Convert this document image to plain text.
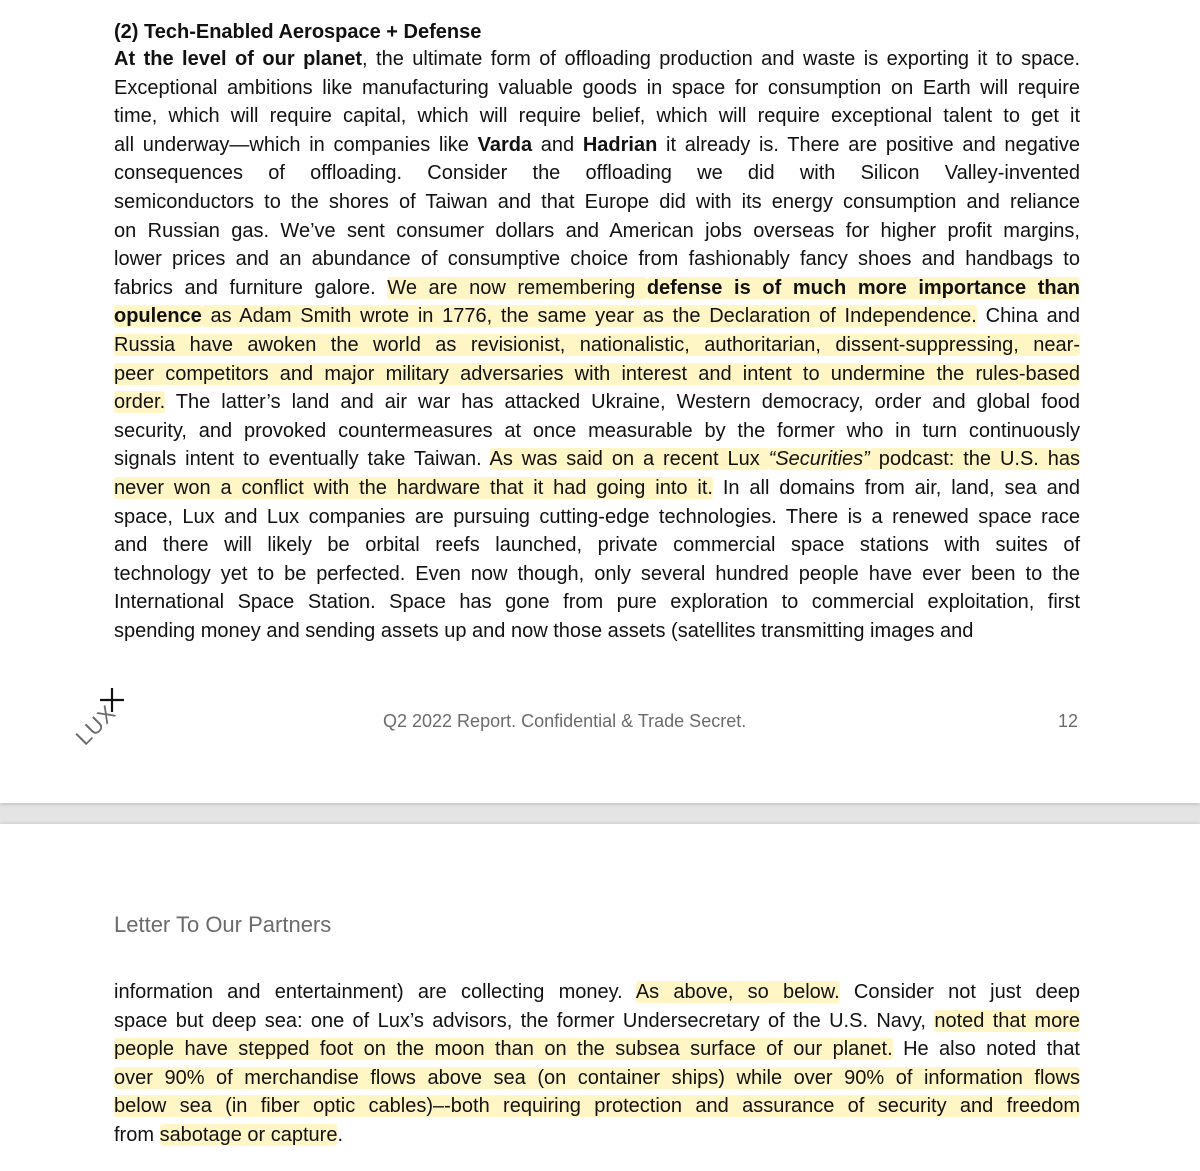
(2) Tech-Enabled Aerospace + Defense
At the level of our planet, the ultimate form of offloading production and waste is exporting it to space.
Exceptional ambitions like manufacturing valuable goods in space for consumption on Earth will require
time, which will require capital, which will require belief, which will require exceptional talent to get it
all underway—which in companies like Varda and Hadrian it already is. There are positive and negative
consequences of offloading. Consider the offloading we did with Silicon Valley-invented
semiconductors to the shores of Taiwan and that Europe did with its energy consumption and reliance
on Russian gas. We’ve sent consumer dollars and American jobs overseas for higher profit margins,
lower prices and an abundance of consumptive choice from fashionably fancy shoes and handbags to
fabrics and furniture galore. We are now remembering defense is of much more importance than
opulence as Adam Smith wrote in 1776, the same year as the Declaration of Independence. China and
Russia have awoken the world as revisionist, nationalistic, authoritarian, dissent-suppressing, near-
peer competitors and major military adversaries with interest and intent to undermine the rules-based
order. The latter’s land and air war has attacked Ukraine, Western democracy, order and global food
security, and provoked countermeasures at once measurable by the former who in turn continuously
signals intent to eventually take Taiwan. As was said on a recent Lux “Securities” podcast: the U.S. has
never won a conflict with the hardware that it had going into it. In all domains from air, land, sea and
space, Lux and Lux companies are pursuing cutting-edge technologies. There is a renewed space race
and there will likely be orbital reefs launched, private commercial space stations with suites of
technology yet to be perfected. Even now though, only several hundred people have ever been to the
International Space Station. Space has gone from pure exploration to commercial exploitation, first
spending money and sending assets up and now those assets (satellites transmitting images and
LUX	Q2 2022 Report. Confidential & Trade Secret.	12
Letter To Our Partners
information and entertainment) are collecting money. As above, so below. Consider not just deep
space but deep sea: one of Lux’s advisors, the former Undersecretary of the U.S. Navy, noted that more
people have stepped foot on the moon than on the subsea surface of our planet. He also noted that
over 90% of merchandise flows above sea (on container ships) while over 90% of information flows
below sea (in fiber optic cables)–-both requiring protection and assurance of security and freedom
from sabotage or capture.
